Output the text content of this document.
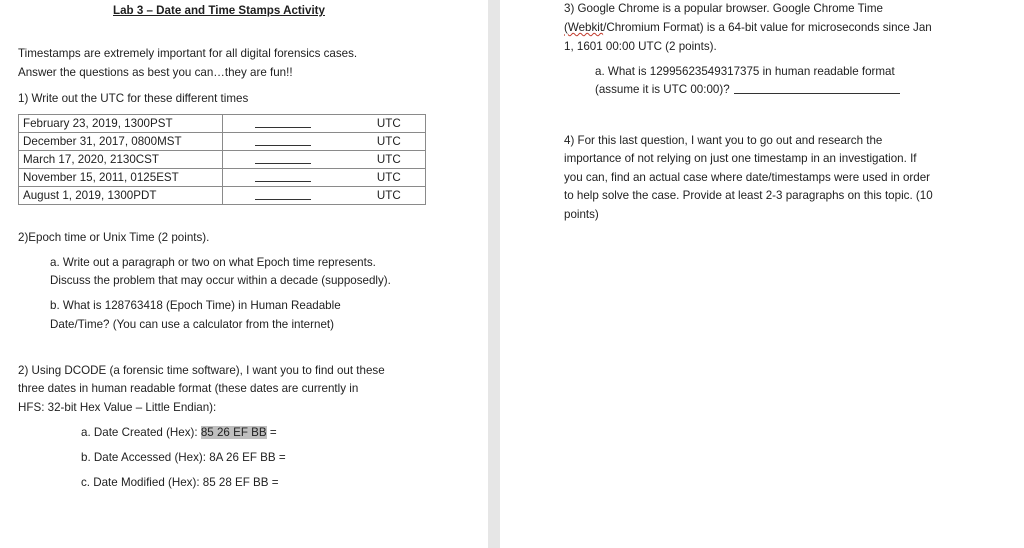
Lab 3 – Date and Time Stamps Activity
Timestamps are extremely important for all digital forensics cases.
Answer the questions as best you can…they are fun!!
1) Write out the UTC for these different times
February 23, 2019, 1300PST		UTC
December 31, 2017, 0800MST		UTC
March 17, 2020, 2130CST		UTC
November 15, 2011, 0125EST		UTC
August 1, 2019, 1300PDT		UTC
2)Epoch time or Unix Time (2 points).
a. Write out a paragraph or two on what Epoch time represents.
Discuss the problem that may occur within a decade (supposedly).
b. What is 128763418 (Epoch Time) in Human Readable
Date/Time? (You can use a calculator from the internet)
2) Using DCODE (a forensic time software), I want you to find out these
three dates in human readable format (these dates are currently in
HFS: 32-bit Hex Value – Little Endian):
a. Date Created (Hex): 85 26 EF BB =
b. Date Accessed (Hex): 8A 26 EF BB =
c. Date Modified (Hex): 85 28 EF BB =
3) Google Chrome is a popular browser. Google Chrome Time
(Webkit/Chromium Format) is a 64-bit value for microseconds since Jan
1, 1601 00:00 UTC (2 points).
a. What is 12995623549317375 in human readable format
(assume it is UTC 00:00)?
4) For this last question, I want you to go out and research the
importance of not relying on just one timestamp in an investigation. If
you can, find an actual case where date/timestamps were used in order
to help solve the case. Provide at least 2-3 paragraphs on this topic. (10
points)
